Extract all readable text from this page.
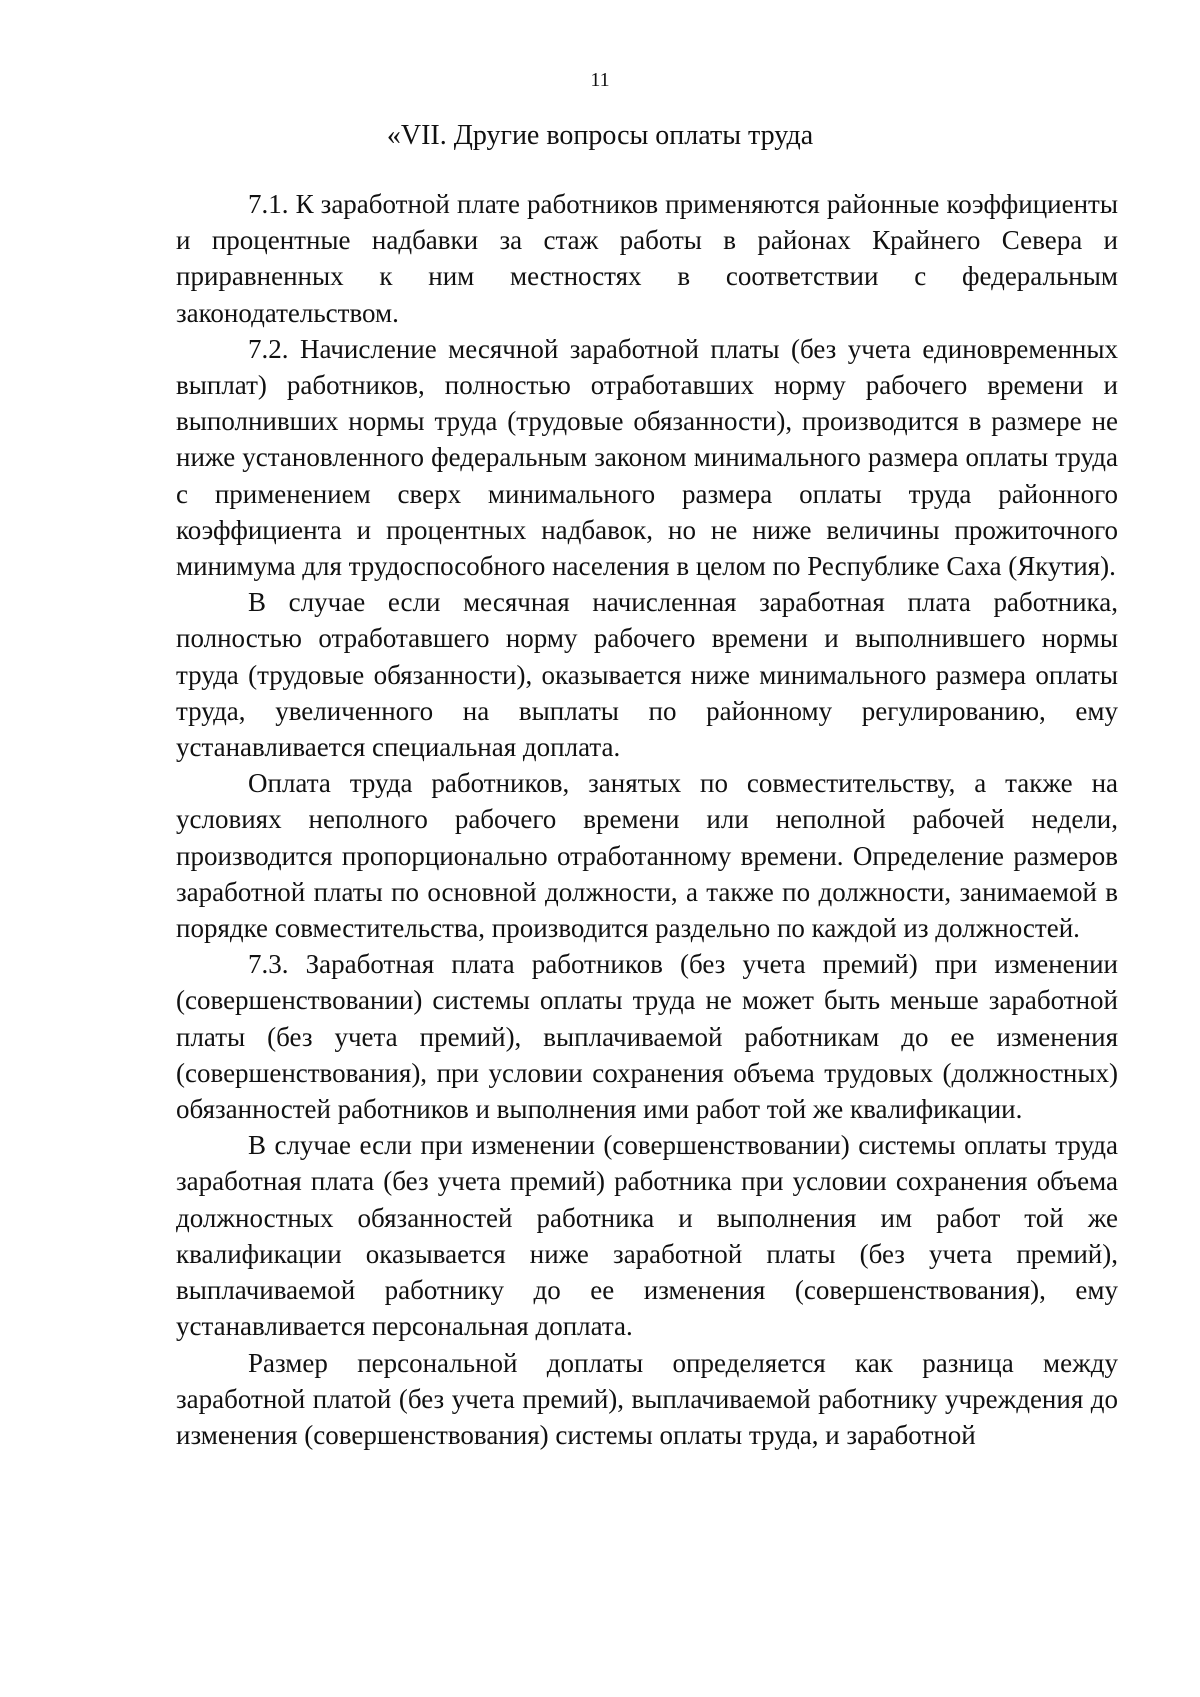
11
«VII. Другие вопросы оплаты труда

7.1. К заработной плате работников применяются районные коэффициенты и процентные надбавки за стаж работы в районах Крайнего Севера и приравненных к ним местностях в соответствии с федеральным законодательством.

7.2. Начисление месячной заработной платы (без учета единовременных выплат) работников, полностью отработавших норму рабочего времени и выполнивших нормы труда (трудовые обязанности), производится в размере не ниже установленного федеральным законом минимального размера оплаты труда с применением сверх минимального размера оплаты труда районного коэффициента и процентных надбавок, но не ниже величины прожиточного минимума для трудоспособного населения в целом по Республике Саха (Якутия).

В случае если месячная начисленная заработная плата работника, полностью отработавшего норму рабочего времени и выполнившего нормы труда (трудовые обязанности), оказывается ниже минимального размера оплаты труда, увеличенного на выплаты по районному регулированию, ему устанавливается специальная доплата.

Оплата труда работников, занятых по совместительству, а также на условиях неполного рабочего времени или неполной рабочей недели, производится пропорционально отработанному времени. Определение размеров заработной платы по основной должности, а также по должности, занимаемой в порядке совместительства, производится раздельно по каждой из должностей.

7.3. Заработная плата работников (без учета премий) при изменении (совершенствовании) системы оплаты труда не может быть меньше заработной платы (без учета премий), выплачиваемой работникам до ее изменения (совершенствования), при условии сохранения объема трудовых (должностных) обязанностей работников и выполнения ими работ той же квалификации.

В случае если при изменении (совершенствовании) системы оплаты труда заработная плата (без учета премий) работника при условии сохранения объема должностных обязанностей работника и выполнения им работ той же квалификации оказывается ниже заработной платы (без учета премий), выплачиваемой работнику до ее изменения (совершенствования), ему устанавливается персональная доплата.

Размер персональной доплаты определяется как разница между заработной платой (без учета премий), выплачиваемой работнику учреждения до изменения (совершенствования) системы оплаты труда, и заработной
